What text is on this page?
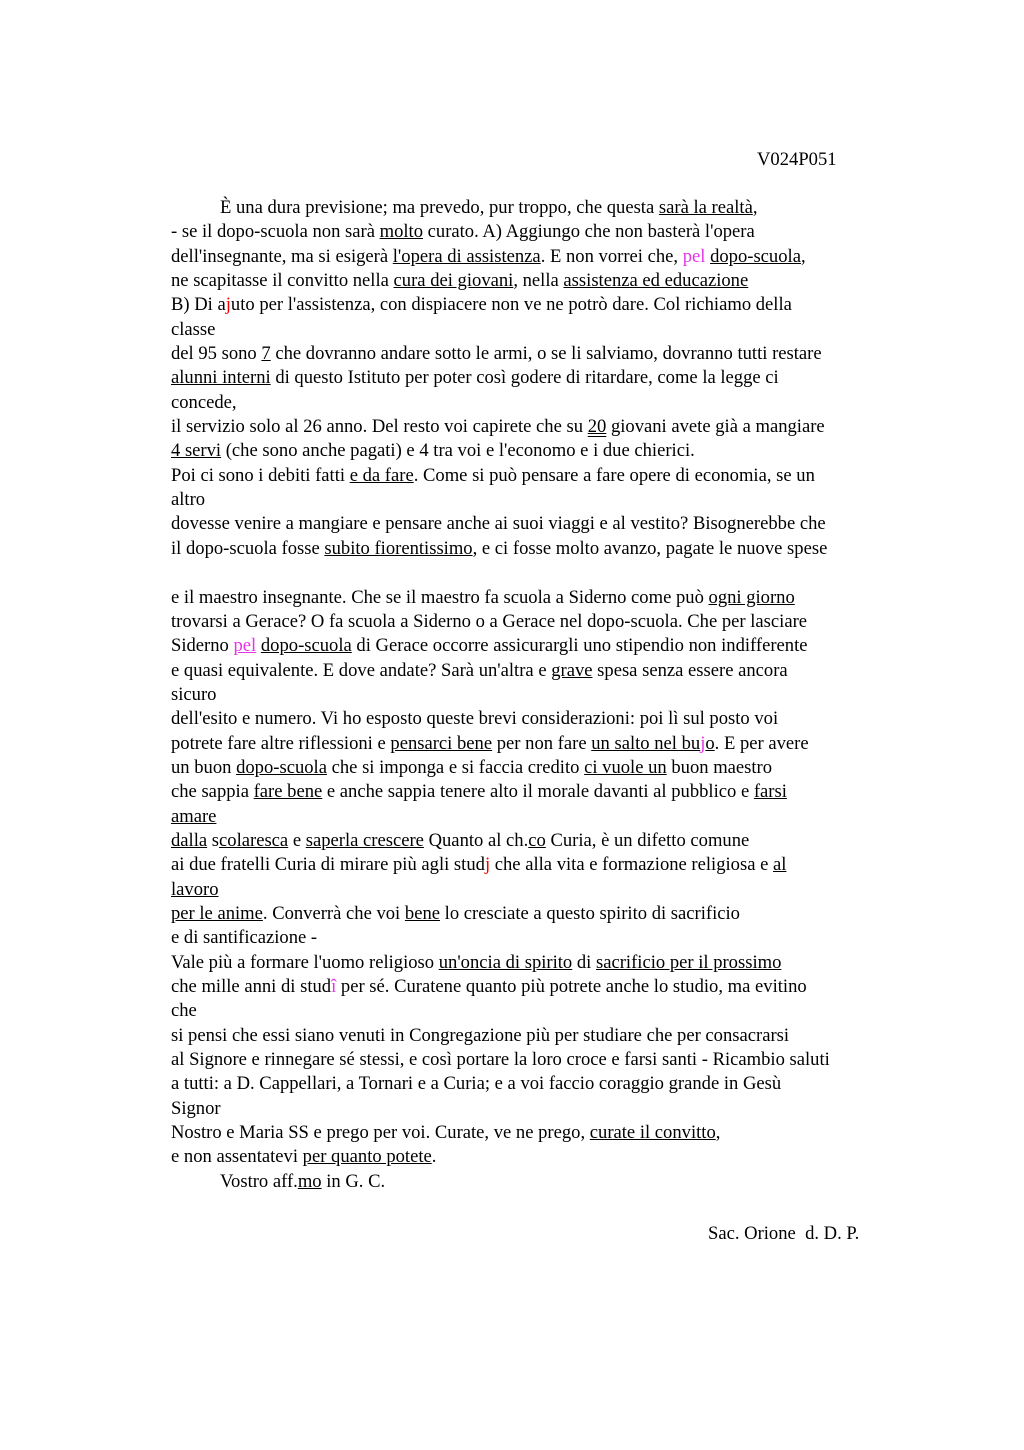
V024P051
È una dura previsione; ma prevedo, pur troppo, che questa sarà la realtà,
- se il dopo-scuola non sarà molto curato. A) Aggiungo che non basterà l'opera
dell'insegnante, ma si esigerà l'opera di assistenza. E non vorrei che, pel dopo-scuola,
ne scapitasse il convitto nella cura dei giovani, nella assistenza ed educazione
B) Di ajuto per l'assistenza, con dispiacere non ve ne potrò dare. Col richiamo della
classe
del 95 sono 7 che dovranno andare sotto le armi, o se li salviamo, dovranno tutti restare
alunni interni di questo Istituto per poter così godere di ritardare, come la legge ci
concede,
il servizio solo al 26 anno. Del resto voi capirete che su 20 giovani avete già a mangiare
4 servi (che sono anche pagati) e 4 tra voi e l'economo e i due chierici.
Poi ci sono i debiti fatti e da fare. Come si può pensare a fare opere di economia, se un
altro
dovesse venire a mangiare e pensare anche ai suoi viaggi e al vestito? Bisognerebbe che
il dopo-scuola fosse subito fiorentissimo, e ci fosse molto avanzo, pagate le nuove spese
e il maestro insegnante. Che se il maestro fa scuola a Siderno come può ogni giorno
trovarsi a Gerace? O fa scuola a Siderno o a Gerace nel dopo-scuola. Che per lasciare
Siderno pel dopo-scuola di Gerace occorre assicurargli uno stipendio non indifferente
e quasi equivalente. E dove andate? Sarà un'altra e grave spesa senza essere ancora
sicuro
dell'esito e numero. Vi ho esposto queste brevi considerazioni: poi lì sul posto voi
potrete fare altre riflessioni e pensarci bene per non fare un salto nel bujo. E per avere
un buon dopo-scuola che si imponga e si faccia credito ci vuole un buon maestro
che sappia fare bene e anche sappia tenere alto il morale davanti al pubblico e farsi
amare
dalla scolaresca e saperla crescere Quanto al ch.co Curia, è un difetto comune
ai due fratelli Curia di mirare più agli studj che alla vita e formazione religiosa e al
lavoro
per le anime. Converrà che voi bene lo cresciate a questo spirito di sacrificio
e di santificazione -
Vale più a formare l'uomo religioso un'oncia di spirito di sacrificio per il prossimo
che mille anni di studî per sé. Curatene quanto più potrete anche lo studio, ma evitino
che
si pensi che essi siano venuti in Congregazione più per studiare che per consacrarsi
al Signore e rinnegare sé stessi, e così portare la loro croce e farsi santi - Ricambio saluti
a tutti: a D. Cappellari, a Tornari e a Curia; e a voi faccio coraggio grande in Gesù
Signor
Nostro e Maria SS e prego per voi. Curate, ve ne prego, curate il convitto,
e non assentatevi per quanto potete.
Vostro aff.mo in G. C.
Sac. Orione  d. D. P.
